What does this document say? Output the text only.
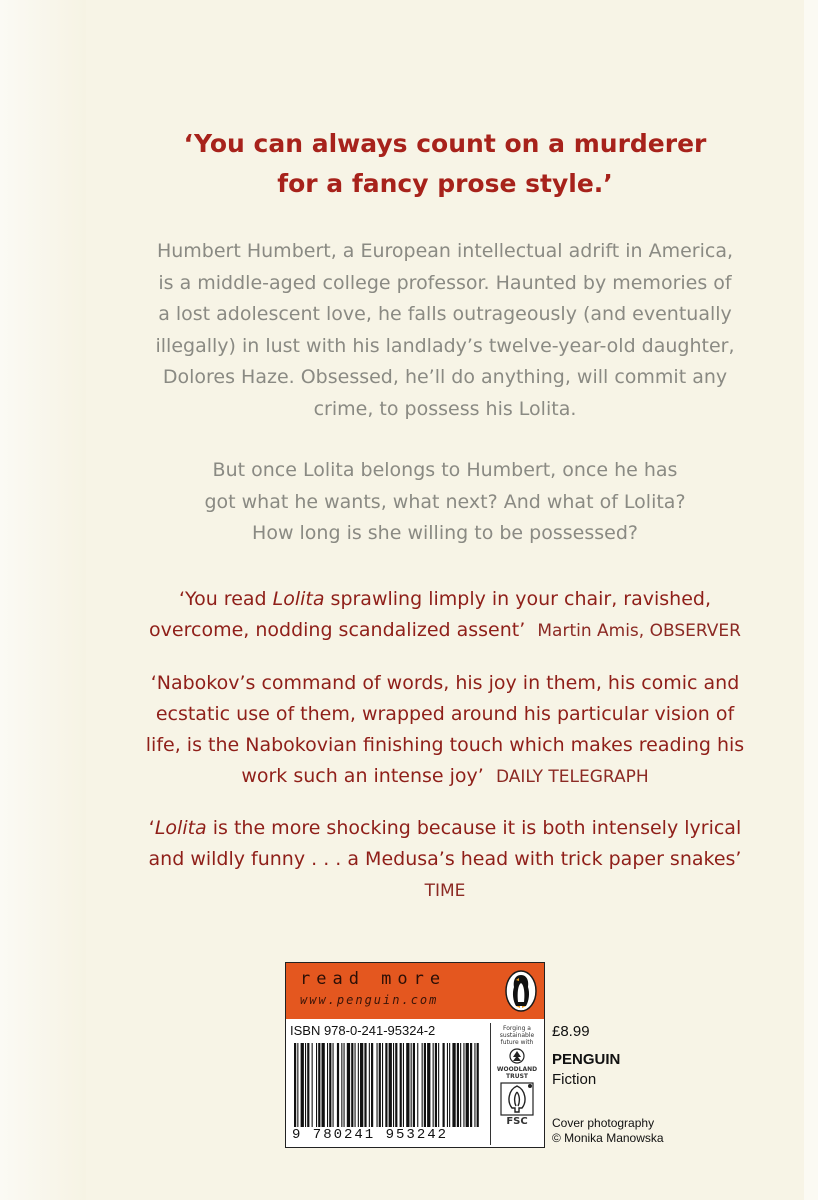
‘You can always count on a murderer
for a fancy prose style.’

Humbert Humbert, a European intellectual adrift in America,
is a middle-aged college professor. Haunted by memories of
a lost adolescent love, he falls outrageously (and eventually
illegally) in lust with his landlady’s twelve-year-old daughter,
Dolores Haze. Obsessed, he’ll do anything, will commit any
crime, to possess his Lolita.

But once Lolita belongs to Humbert, once he has
got what he wants, what next? And what of Lolita?
How long is she willing to be possessed?

‘You read Lolita sprawling limply in your chair, ravished,
overcome, nodding scandalized assent’ Martin Amis, OBSERVER

‘Nabokov’s command of words, his joy in them, his comic and
ecstatic use of them, wrapped around his particular vision of
life, is the Nabokovian finishing touch which makes reading his
work such an intense joy’ DAILY TELEGRAPH

‘Lolita is the more shocking because it is both intensely lyrical
and wildly funny . . . a Medusa’s head with trick paper snakes’
TIME

read more
www.penguin.com
ISBN 978-0-241-95324-2
9 780241 953242
Forging a
sustainable
future with
WOODLAND
TRUST
FSC
£8.99
PENGUIN
Fiction
Cover photography
© Monika Manowska
